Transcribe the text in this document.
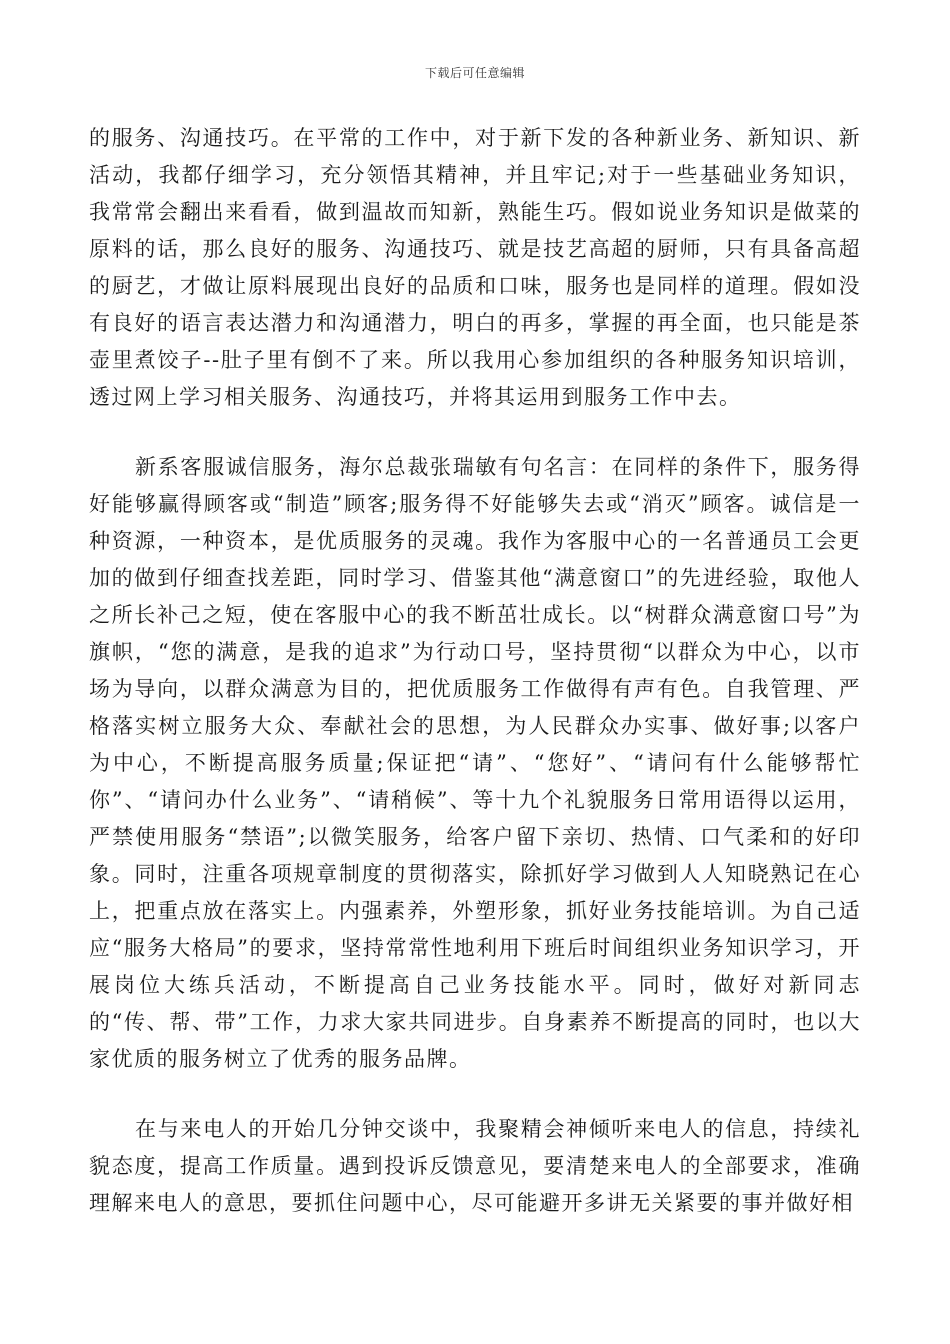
下载后可任意编辑

的服务、沟通技巧。在平常的工作中，对于新下发的各种新业务、新知识、新活动，我都仔细学习，充分领悟其精神，并且牢记;对于一些基础业务知识，我常常会翻出来看看，做到温故而知新，熟能生巧。假如说业务知识是做菜的原料的话，那么良好的服务、沟通技巧、就是技艺高超的厨师，只有具备高超的厨艺，才做让原料展现出良好的品质和口味，服务也是同样的道理。假如没有良好的语言表达潜力和沟通潜力，明白的再多，掌握的再全面，也只能是茶壶里煮饺子--肚子里有倒不了来。所以我用心参加组织的各种服务知识培训，透过网上学习相关服务、沟通技巧，并将其运用到服务工作中去。

新系客服诚信服务，海尔总裁张瑞敏有句名言：在同样的条件下，服务得好能够赢得顾客或“制造”顾客;服务得不好能够失去或“消灭”顾客。诚信是一种资源，一种资本，是优质服务的灵魂。我作为客服中心的一名普通员工会更加的做到仔细查找差距，同时学习、借鉴其他“满意窗口”的先进经验，取他人之所长补己之短，使在客服中心的我不断茁壮成长。以“树群众满意窗口号”为旗帜，“您的满意，是我的追求”为行动口号，坚持贯彻“以群众为中心，以市场为导向，以群众满意为目的，把优质服务工作做得有声有色。自我管理、严格落实树立服务大众、奉献社会的思想，为人民群众办实事、做好事;以客户为中心，不断提高服务质量;保证把“请”、“您好”、“请问有什么能够帮忙你”、“请问办什么业务”、“请稍候”、等十九个礼貌服务日常用语得以运用，严禁使用服务“禁语”;以微笑服务，给客户留下亲切、热情、口气柔和的好印象。同时，注重各项规章制度的贯彻落实，除抓好学习做到人人知晓熟记在心上，把重点放在落实上。内强素养，外塑形象，抓好业务技能培训。为自己适应“服务大格局”的要求，坚持常常性地利用下班后时间组织业务知识学习，开展岗位大练兵活动，不断提高自己业务技能水平。同时，做好对新同志的“传、帮、带”工作，力求大家共同进步。自身素养不断提高的同时，也以大家优质的服务树立了优秀的服务品牌。

在与来电人的开始几分钟交谈中，我聚精会神倾听来电人的信息，持续礼貌态度，提高工作质量。遇到投诉反馈意见，要清楚来电人的全部要求，准确理解来电人的意思，要抓住问题中心，尽可能避开多讲无关紧要的事并做好相
